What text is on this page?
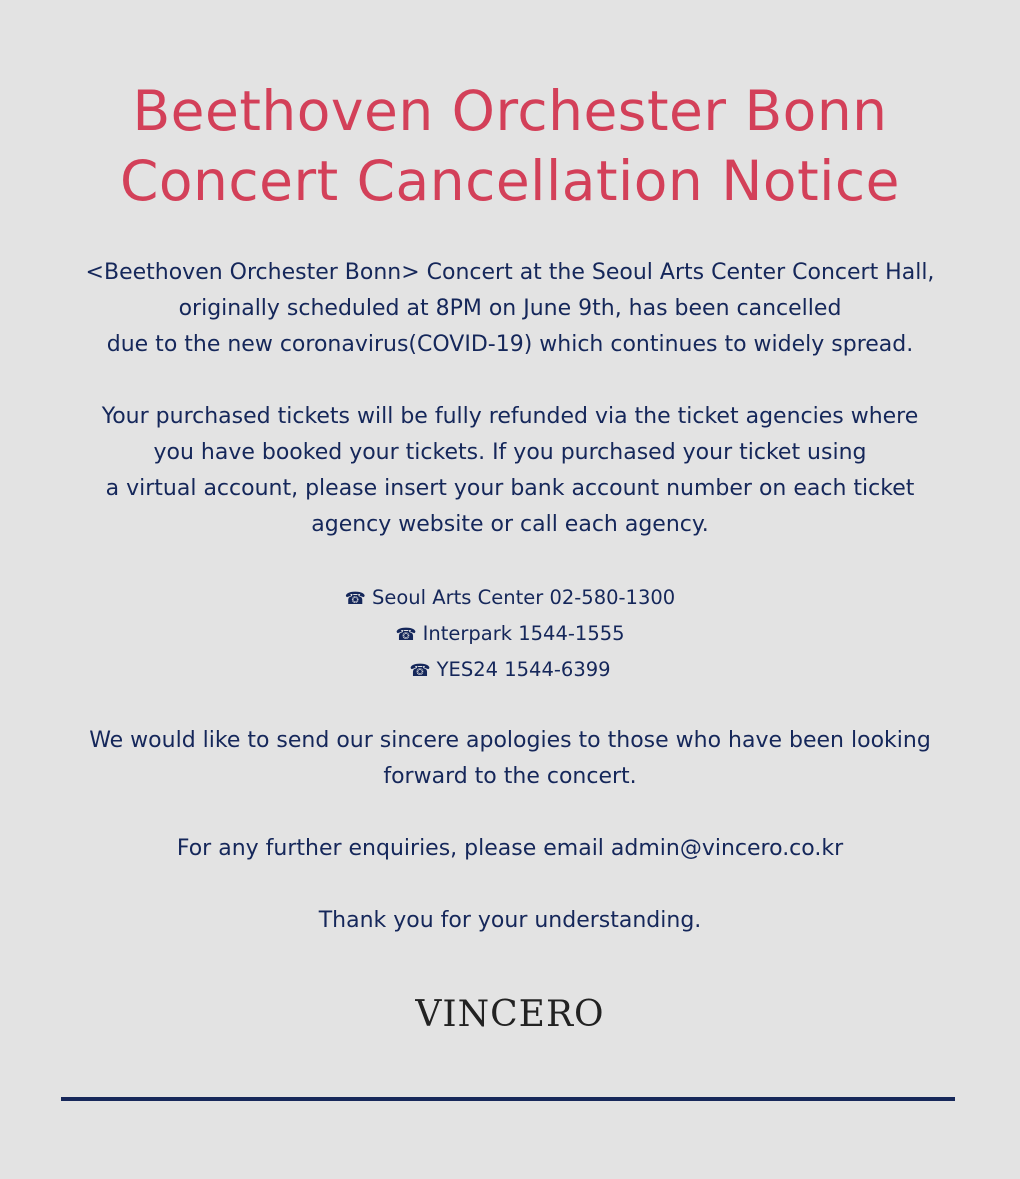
Beethoven Orchester Bonn
Concert Cancellation Notice

<Beethoven Orchester Bonn> Concert at the Seoul Arts Center Concert Hall,

originally scheduled at 8PM on June 9th, has been cancelled

due to the new coronavirus(COVID-19) which continues to widely spread.

Your purchased tickets will be fully refunded via the ticket agencies where

you have booked your tickets. If you purchased your ticket using

a virtual account, please insert your bank account number on each ticket

agency website or call each agency.

☎ Seoul Arts Center 02-580-1300

☎ Interpark 1544-1555

☎ YES24 1544-6399

We would like to send our sincere apologies to those who have been looking

forward to the concert.

For any further enquiries, please email admin@vincero.co.kr

Thank you for your understanding.

VINCERO
